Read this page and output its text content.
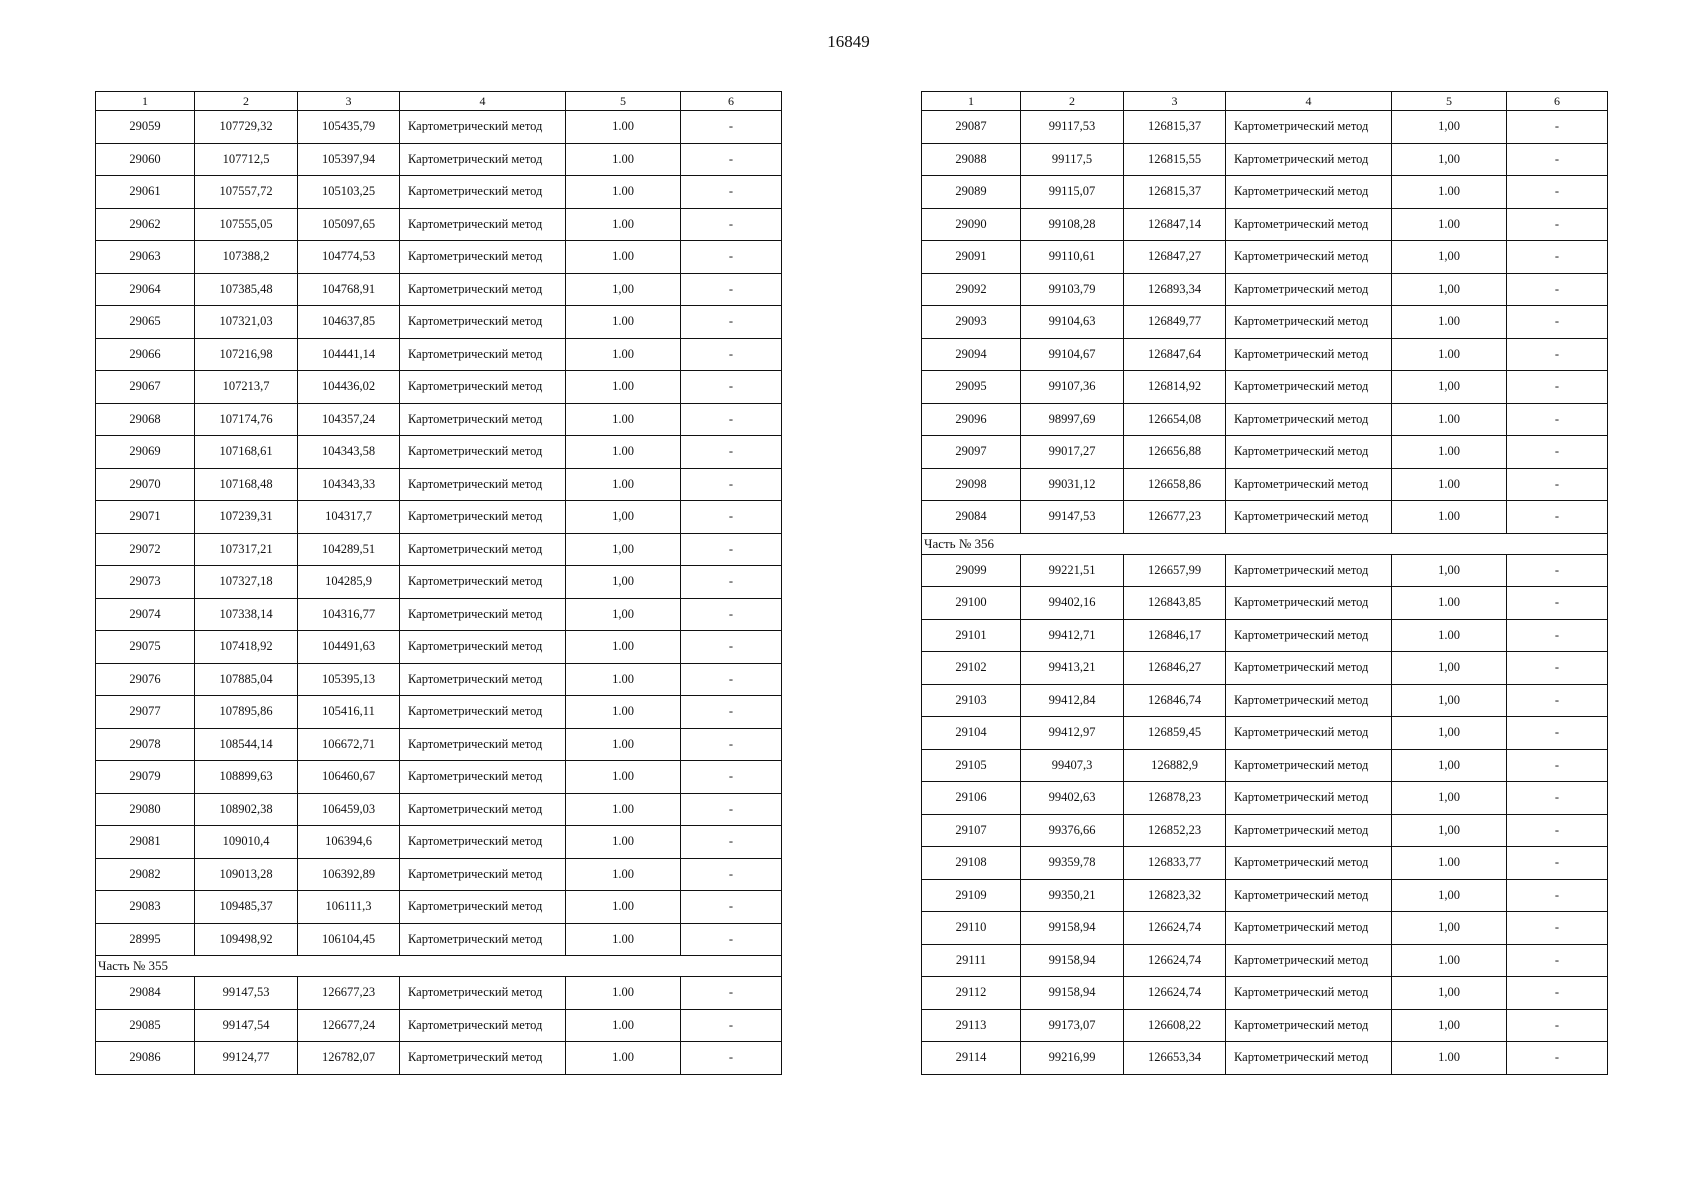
16849
1	2	3	4	5	6
29059	107729,32	105435,79	Картометрический метод	1.00	-
29060	107712,5	105397,94	Картометрический метод	1.00	-
29061	107557,72	105103,25	Картометрический метод	1.00	-
29062	107555,05	105097,65	Картометрический метод	1.00	-
29063	107388,2	104774,53	Картометрический метод	1.00	-
29064	107385,48	104768,91	Картометрический метод	1,00	-
29065	107321,03	104637,85	Картометрический метод	1.00	-
29066	107216,98	104441,14	Картометрический метод	1.00	-
29067	107213,7	104436,02	Картометрический метод	1.00	-
29068	107174,76	104357,24	Картометрический метод	1.00	-
29069	107168,61	104343,58	Картометрический метод	1.00	-
29070	107168,48	104343,33	Картометрический метод	1.00	-
29071	107239,31	104317,7	Картометрический метод	1,00	-
29072	107317,21	104289,51	Картометрический метод	1,00	-
29073	107327,18	104285,9	Картометрический метод	1,00	-
29074	107338,14	104316,77	Картометрический метод	1,00	-
29075	107418,92	104491,63	Картометрический метод	1.00	-
29076	107885,04	105395,13	Картометрический метод	1.00	-
29077	107895,86	105416,11	Картометрический метод	1.00	-
29078	108544,14	106672,71	Картометрический метод	1.00	-
29079	108899,63	106460,67	Картометрический метод	1.00	-
29080	108902,38	106459,03	Картометрический метод	1.00	-
29081	109010,4	106394,6	Картометрический метод	1.00	-
29082	109013,28	106392,89	Картометрический метод	1.00	-
29083	109485,37	106111,3	Картометрический метод	1.00	-
28995	109498,92	106104,45	Картометрический метод	1.00	-
Часть № 355					
29084	99147,53	126677,23	Картометрический метод	1.00	-
29085	99147,54	126677,24	Картометрический метод	1.00	-
29086	99124,77	126782,07	Картометрический метод	1.00	-
1	2	3	4	5	6
29087	99117,53	126815,37	Картометрический метод	1,00	-
29088	99117,5	126815,55	Картометрический метод	1,00	-
29089	99115,07	126815,37	Картометрический метод	1.00	-
29090	99108,28	126847,14	Картометрический метод	1.00	-
29091	99110,61	126847,27	Картометрический метод	1,00	-
29092	99103,79	126893,34	Картометрический метод	1,00	-
29093	99104,63	126849,77	Картометрический метод	1.00	-
29094	99104,67	126847,64	Картометрический метод	1.00	-
29095	99107,36	126814,92	Картометрический метод	1,00	-
29096	98997,69	126654,08	Картометрический метод	1.00	-
29097	99017,27	126656,88	Картометрический метод	1.00	-
29098	99031,12	126658,86	Картометрический метод	1.00	-
29084	99147,53	126677,23	Картометрический метод	1.00	-
Часть № 356					
29099	99221,51	126657,99	Картометрический метод	1,00	-
29100	99402,16	126843,85	Картометрический метод	1.00	-
29101	99412,71	126846,17	Картометрический метод	1.00	-
29102	99413,21	126846,27	Картометрический метод	1,00	-
29103	99412,84	126846,74	Картометрический метод	1,00	-
29104	99412,97	126859,45	Картометрический метод	1,00	-
29105	99407,3	126882,9	Картометрический метод	1,00	-
29106	99402,63	126878,23	Картометрический метод	1,00	-
29107	99376,66	126852,23	Картометрический метод	1,00	-
29108	99359,78	126833,77	Картометрический метод	1.00	-
29109	99350,21	126823,32	Картометрический метод	1,00	-
29110	99158,94	126624,74	Картометрический метод	1,00	-
29111	99158,94	126624,74	Картометрический метод	1.00	-
29112	99158,94	126624,74	Картометрический метод	1,00	-
29113	99173,07	126608,22	Картометрический метод	1,00	-
29114	99216,99	126653,34	Картометрический метод	1.00	-
